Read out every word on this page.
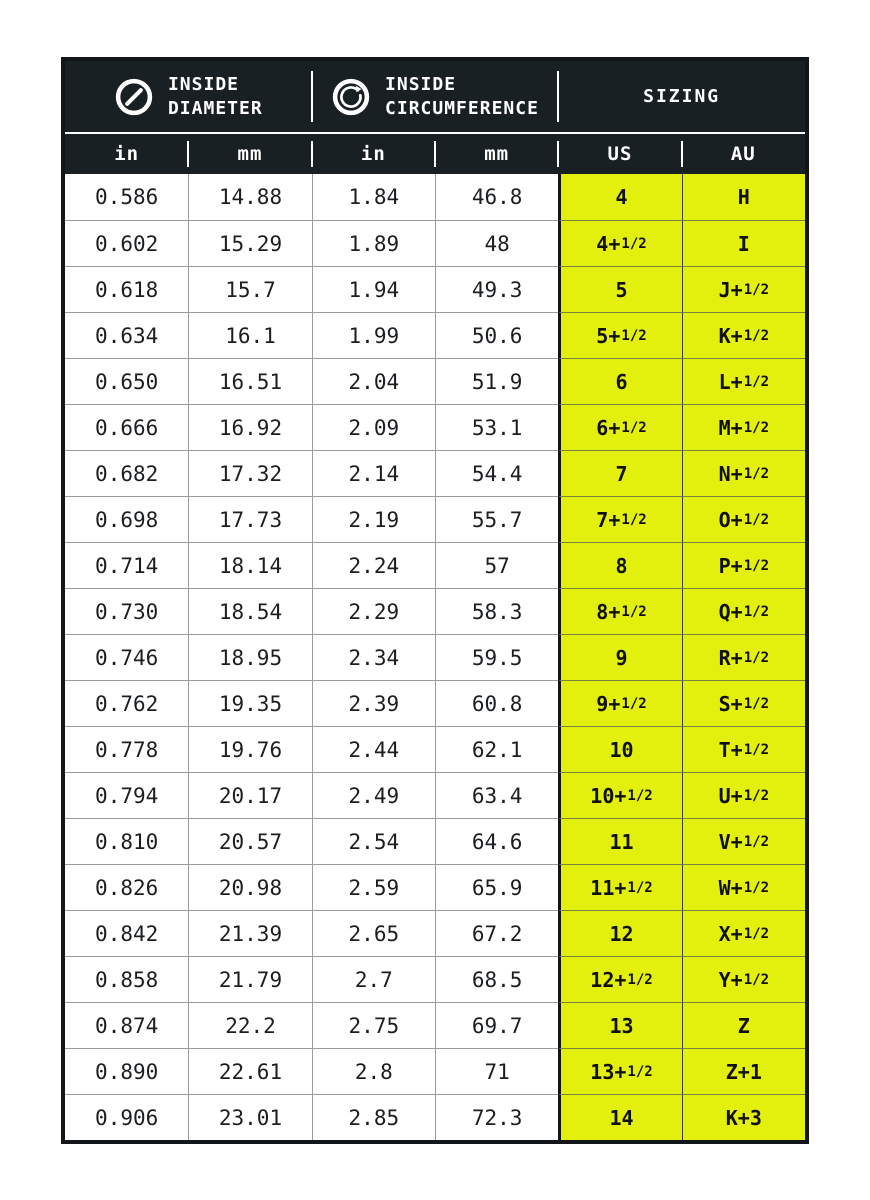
INSIDE DIAMETER
INSIDE CIRCUMFERENCE
SIZING
in	mm	in	mm	US	AU
0.586	14.88	1.84	46.8	4	H
0.602	15.29	1.89	48	4+ 1/2	I
0.618	15.7	1.94	49.3	5	J+ 1/2
0.634	16.1	1.99	50.6	5+ 1/2	K+ 1/2
0.650	16.51	2.04	51.9	6	L+ 1/2
0.666	16.92	2.09	53.1	6+ 1/2	M+ 1/2
0.682	17.32	2.14	54.4	7	N+ 1/2
0.698	17.73	2.19	55.7	7+ 1/2	O+ 1/2
0.714	18.14	2.24	57	8	P+ 1/2
0.730	18.54	2.29	58.3	8+ 1/2	Q+ 1/2
0.746	18.95	2.34	59.5	9	R+ 1/2
0.762	19.35	2.39	60.8	9+ 1/2	S+ 1/2
0.778	19.76	2.44	62.1	10	T+ 1/2
0.794	20.17	2.49	63.4	10+ 1/2	U+ 1/2
0.810	20.57	2.54	64.6	11	V+ 1/2
0.826	20.98	2.59	65.9	11+ 1/2	W+ 1/2
0.842	21.39	2.65	67.2	12	X+ 1/2
0.858	21.79	2.7	68.5	12+ 1/2	Y+ 1/2
0.874	22.2	2.75	69.7	13	Z
0.890	22.61	2.8	71	13+ 1/2	Z+1
0.906	23.01	2.85	72.3	14	K+3
